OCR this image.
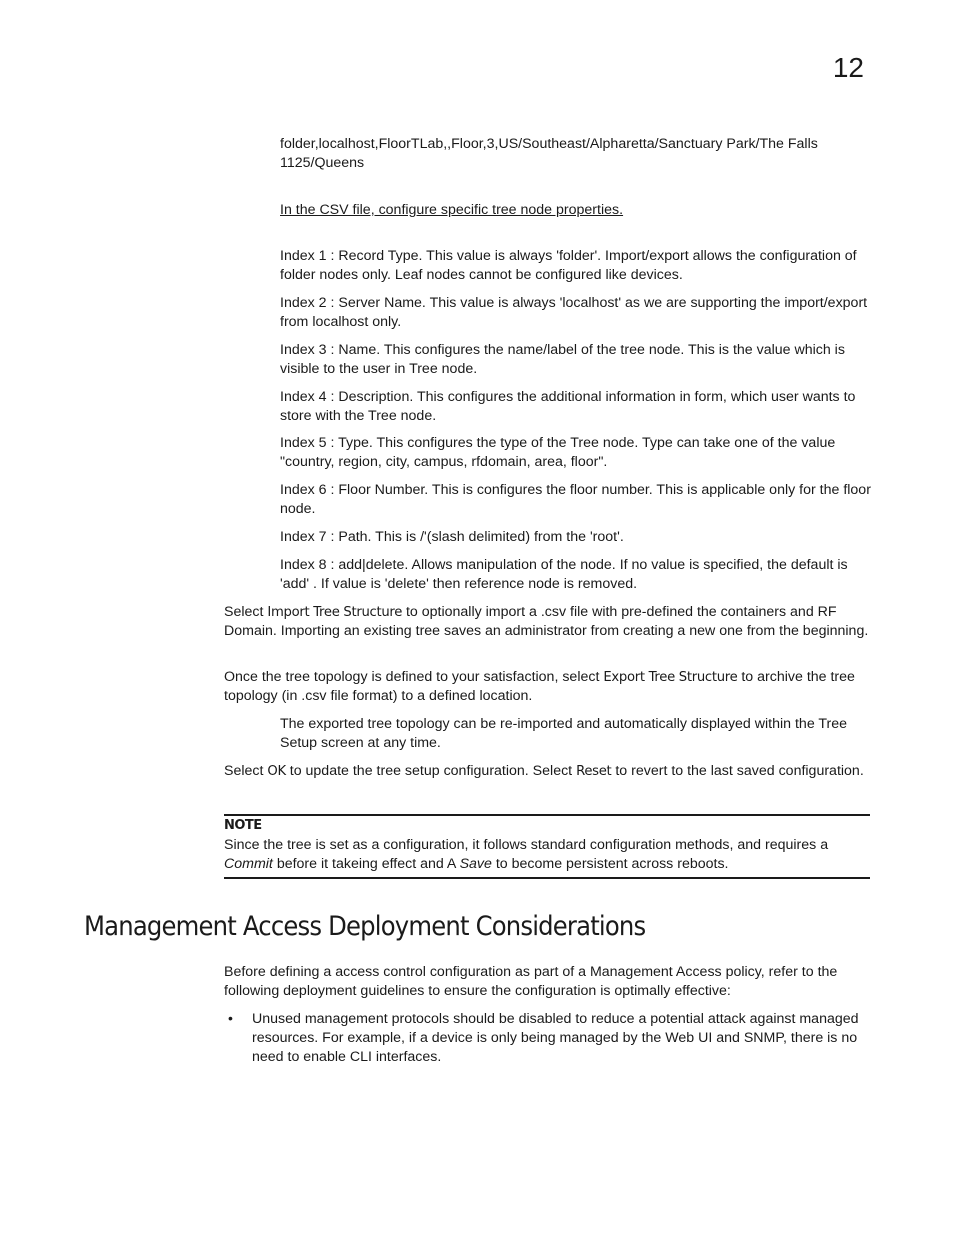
12

folder,localhost,FloorTLab,,Floor,3,US/Southeast/Alpharetta/Sanctuary Park/The Falls 1125/Queens

In the CSV file, configure specific tree node properties.

Index 1 : Record Type. This value is always 'folder'. Import/export allows the configuration of folder nodes only. Leaf nodes cannot be configured like devices.

Index 2 : Server Name. This value is always 'localhost' as we are supporting the import/export from localhost only.

Index 3 : Name. This configures the name/label of the tree node. This is the value which is visible to the user in Tree node.

Index 4 : Description. This configures the additional information in form, which user wants to store with the Tree node.

Index 5 : Type. This configures the type of the Tree node. Type can take one of the value "country, region, city, campus, rfdomain, area, floor".

Index 6 : Floor Number. This is configures the floor number. This is applicable only for the floor node.

Index 7 : Path. This is /'(slash delimited) from the 'root'.

Index 8 : add|delete. Allows manipulation of the node. If no value is specified, the default is 'add' . If value is 'delete' then reference node is removed.

Select Import Tree Structure to optionally import a .csv file with pre-defined the containers and RF Domain. Importing an existing tree saves an administrator from creating a new one from the beginning.

Once the tree topology is defined to your satisfaction, select Export Tree Structure to archive the tree topology (in .csv file format) to a defined location.

The exported tree topology can be re-imported and automatically displayed within the Tree Setup screen at any time.

Select OK to update the tree setup configuration. Select Reset to revert to the last saved configuration.

NOTE

Since the tree is set as a configuration, it follows standard configuration methods, and requires a Commit before it takeing effect and A Save to become persistent across reboots.

Management Access Deployment Considerations

Before defining a access control configuration as part of a Management Access policy, refer to the following deployment guidelines to ensure the configuration is optimally effective:

• Unused management protocols should be disabled to reduce a potential attack against managed resources. For example, if a device is only being managed by the Web UI and SNMP, there is no need to enable CLI interfaces.
